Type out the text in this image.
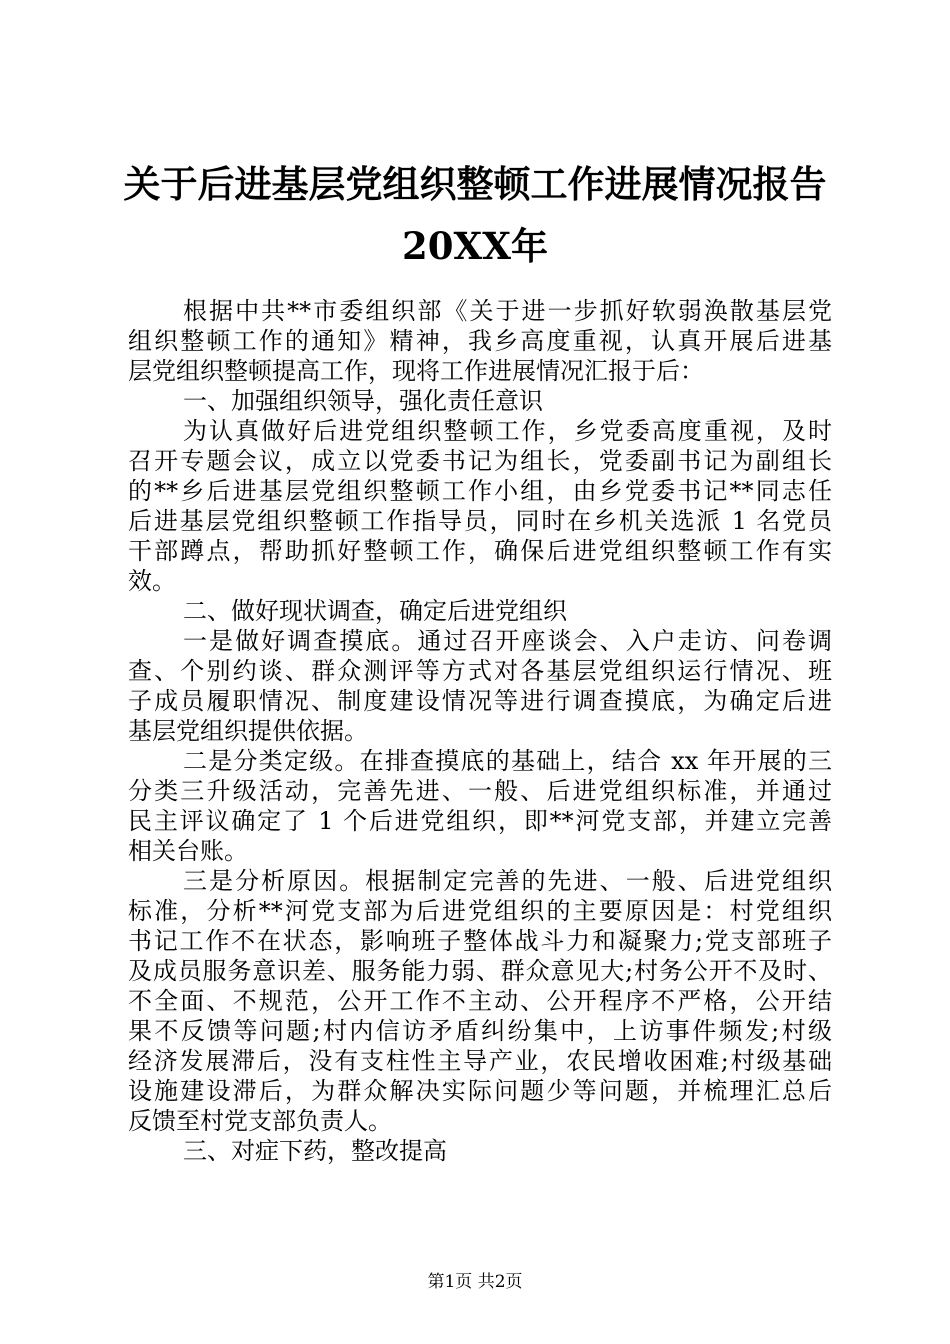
关于后进基层党组织整顿工作进展情况报告
20XX年
根据中共**市委组织部《关于进一步抓好软弱涣散基层党
组织整顿工作的通知》精神，我乡高度重视，认真开展后进基
层党组织整顿提高工作，现将工作进展情况汇报于后：
一、加强组织领导，强化责任意识
为认真做好后进党组织整顿工作，乡党委高度重视，及时
召开专题会议，成立以党委书记为组长，党委副书记为副组长
的**乡后进基层党组织整顿工作小组，由乡党委书记**同志任
后进基层党组织整顿工作指导员，同时在乡机关选派 1 名党员
干部蹲点，帮助抓好整顿工作，确保后进党组织整顿工作有实
效。
二、做好现状调查，确定后进党组织
一是做好调查摸底。通过召开座谈会、入户走访、问卷调
查、个别约谈、群众测评等方式对各基层党组织运行情况、班
子成员履职情况、制度建设情况等进行调查摸底，为确定后进
基层党组织提供依据。
二是分类定级。在排查摸底的基础上，结合 xx 年开展的三
分类三升级活动，完善先进、一般、后进党组织标准，并通过
民主评议确定了 1 个后进党组织，即**河党支部，并建立完善
相关台账。
三是分析原因。根据制定完善的先进、一般、后进党组织
标准，分析**河党支部为后进党组织的主要原因是：村党组织
书记工作不在状态，影响班子整体战斗力和凝聚力;党支部班子
及成员服务意识差、服务能力弱、群众意见大;村务公开不及时、
不全面、不规范，公开工作不主动、公开程序不严格，公开结
果不反馈等问题;村内信访矛盾纠纷集中，上访事件频发;村级
经济发展滞后，没有支柱性主导产业，农民增收困难;村级基础
设施建设滞后，为群众解决实际问题少等问题，并梳理汇总后
反馈至村党支部负责人。
三、对症下药，整改提高
第1页 共2页
